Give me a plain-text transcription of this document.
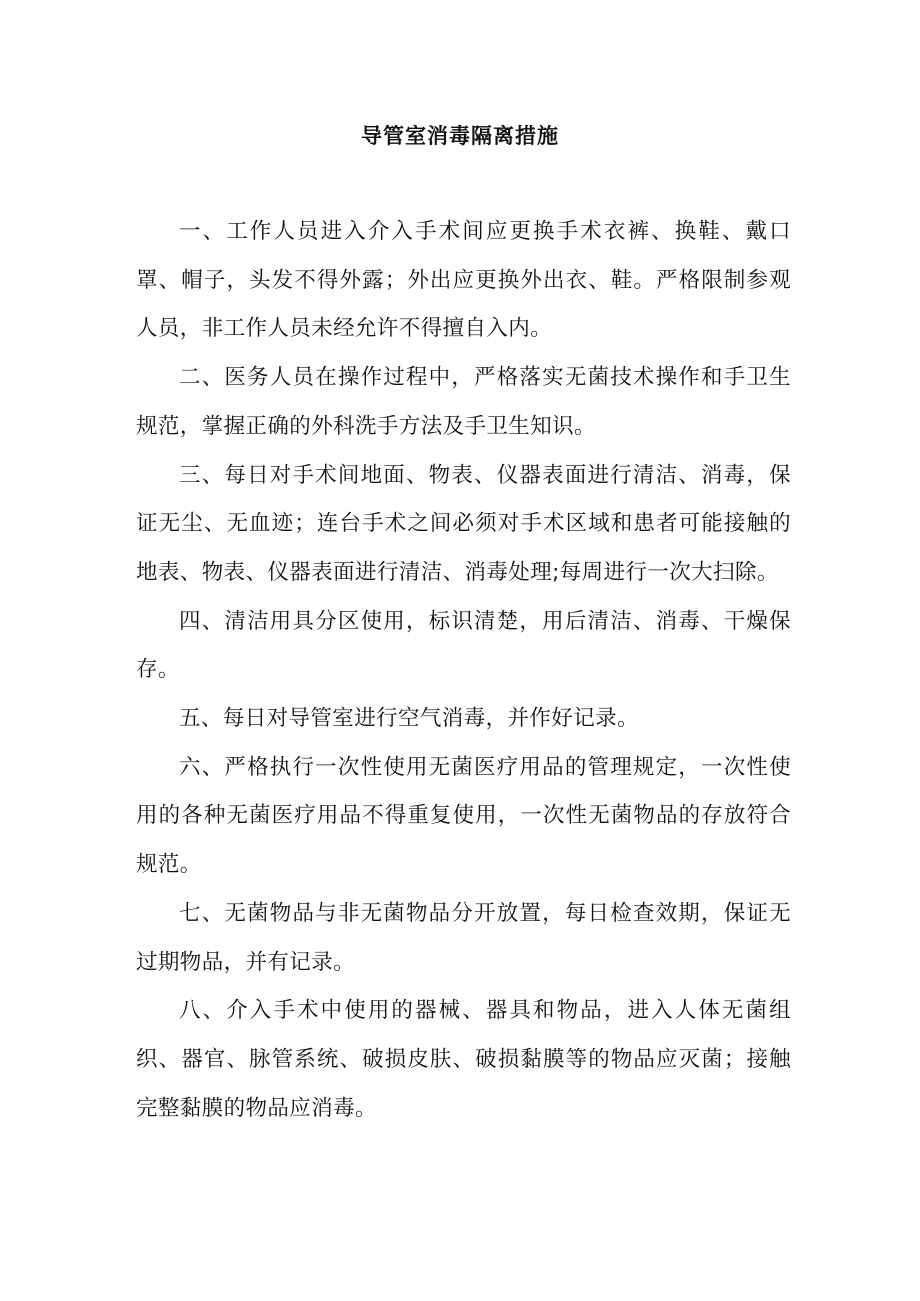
导管室消毒隔离措施

一、工作人员进入介入手术间应更换手术衣裤、换鞋、戴口罩、帽子，头发不得外露；外出应更换外出衣、鞋。严格限制参观人员，非工作人员未经允许不得擅自入内。

二、医务人员在操作过程中，严格落实无菌技术操作和手卫生规范，掌握正确的外科洗手方法及手卫生知识。

三、每日对手术间地面、物表、仪器表面进行清洁、消毒，保证无尘、无血迹；连台手术之间必须对手术区域和患者可能接触的地表、物表、仪器表面进行清洁、消毒处理;每周进行一次大扫除。

四、清洁用具分区使用，标识清楚，用后清洁、消毒、干燥保存。

五、每日对导管室进行空气消毒，并作好记录。

六、严格执行一次性使用无菌医疗用品的管理规定，一次性使用的各种无菌医疗用品不得重复使用，一次性无菌物品的存放符合规范。

七、无菌物品与非无菌物品分开放置，每日检查效期，保证无过期物品，并有记录。

八、介入手术中使用的器械、器具和物品，进入人体无菌组织、器官、脉管系统、破损皮肤、破损黏膜等的物品应灭菌；接触完整黏膜的物品应消毒。
